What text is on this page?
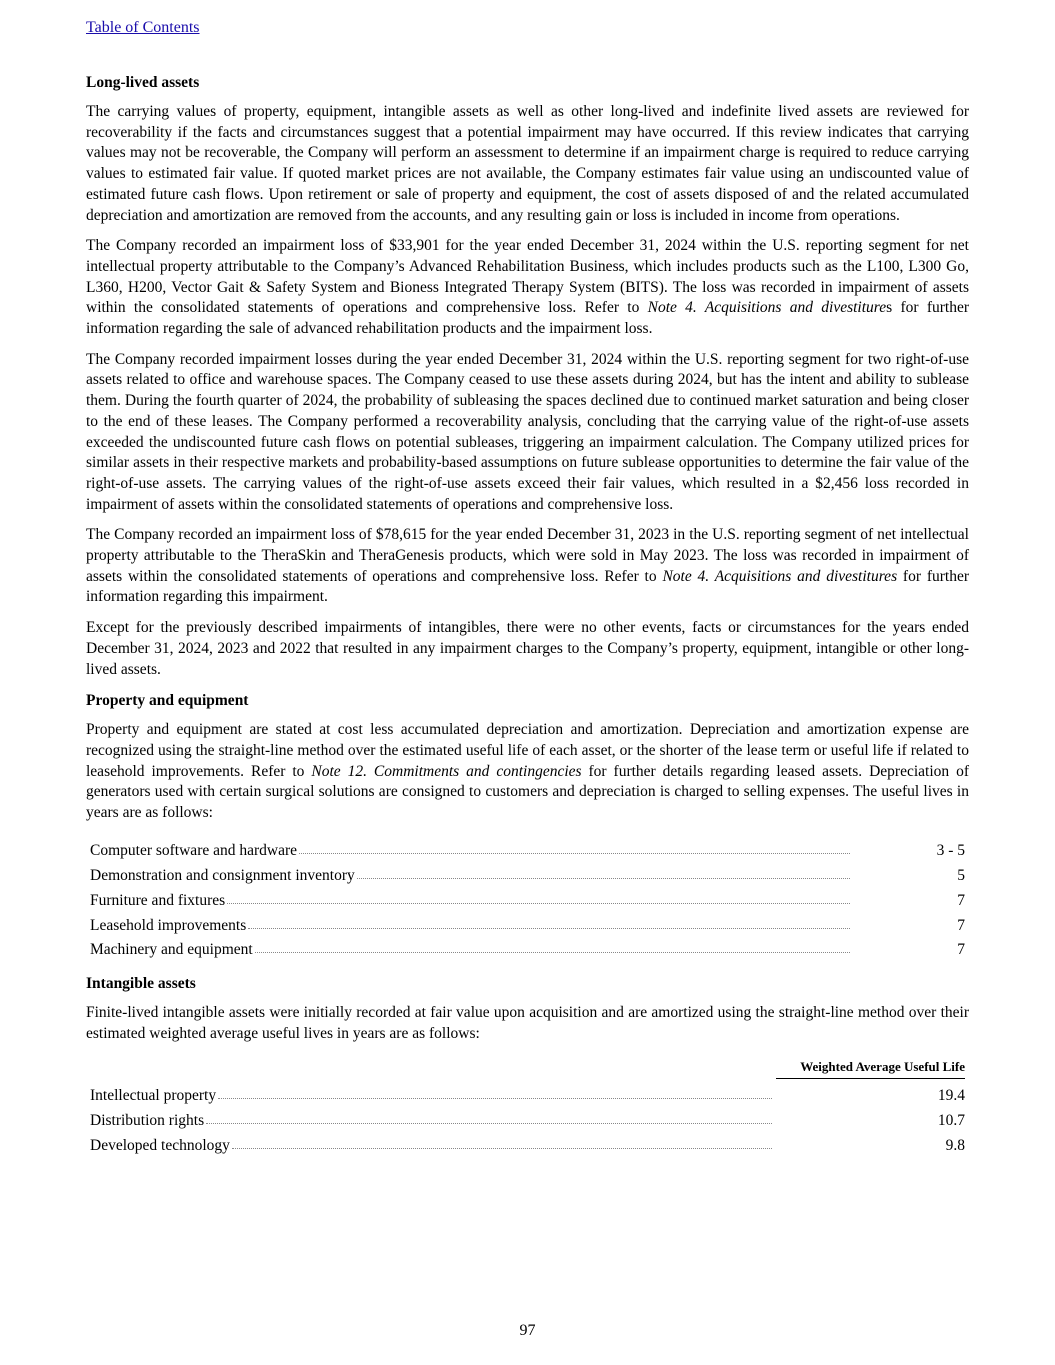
Table of Contents
Long-lived assets

The carrying values of property, equipment, intangible assets as well as other long-lived and indefinite lived assets are reviewed for recoverability if the facts and circumstances suggest that a potential impairment may have occurred. If this review indicates that carrying values may not be recoverable, the Company will perform an assessment to determine if an impairment charge is required to reduce carrying values to estimated fair value. If quoted market prices are not available, the Company estimates fair value using an undiscounted value of estimated future cash flows. Upon retirement or sale of property and equipment, the cost of assets disposed of and the related accumulated depreciation and amortization are removed from the accounts, and any resulting gain or loss is included in income from operations.

The Company recorded an impairment loss of $33,901 for the year ended December 31, 2024 within the U.S. reporting segment for net intellectual property attributable to the Company’s Advanced Rehabilitation Business, which includes products such as the L100, L300 Go, L360, H200, Vector Gait & Safety System and Bioness Integrated Therapy System (BITS). The loss was recorded in impairment of assets within the consolidated statements of operations and comprehensive loss. Refer to Note 4. Acquisitions and divestitures for further information regarding the sale of advanced rehabilitation products and the impairment loss.

The Company recorded impairment losses during the year ended December 31, 2024 within the U.S. reporting segment for two right-of-use assets related to office and warehouse spaces. The Company ceased to use these assets during 2024, but has the intent and ability to sublease them. During the fourth quarter of 2024, the probability of subleasing the spaces declined due to continued market saturation and being closer to the end of these leases. The Company performed a recoverability analysis, concluding that the carrying value of the right-of-use assets exceeded the undiscounted future cash flows on potential subleases, triggering an impairment calculation. The Company utilized prices for similar assets in their respective markets and probability-based assumptions on future sublease opportunities to determine the fair value of the right-of-use assets. The carrying values of the right-of-use assets exceed their fair values, which resulted in a $2,456 loss recorded in impairment of assets within the consolidated statements of operations and comprehensive loss.

The Company recorded an impairment loss of $78,615 for the year ended December 31, 2023 in the U.S. reporting segment of net intellectual property attributable to the TheraSkin and TheraGenesis products, which were sold in May 2023. The loss was recorded in impairment of assets within the consolidated statements of operations and comprehensive loss. Refer to Note 4. Acquisitions and divestitures for further information regarding this impairment.

Except for the previously described impairments of intangibles, there were no other events, facts or circumstances for the years ended December 31, 2024, 2023 and 2022 that resulted in any impairment charges to the Company’s property, equipment, intangible or other long-lived assets.

Property and equipment

Property and equipment are stated at cost less accumulated depreciation and amortization. Depreciation and amortization expense are recognized using the straight-line method over the estimated useful life of each asset, or the shorter of the lease term or useful life if related to leasehold improvements. Refer to Note 12. Commitments and contingencies for further details regarding leased assets. Depreciation of generators used with certain surgical solutions are consigned to customers and depreciation is charged to selling expenses. The useful lives in years are as follows:

Computer software and hardware	3 - 5
Demonstration and consignment inventory	5
Furniture and fixtures	7
Leasehold improvements	7
Machinery and equipment	7
Intangible assets

Finite-lived intangible assets were initially recorded at fair value upon acquisition and are amortized using the straight-line method over their estimated weighted average useful lives in years are as follows:

Weighted Average Useful Life
Intellectual property	19.4
Distribution rights	10.7
Developed technology	9.8
97
